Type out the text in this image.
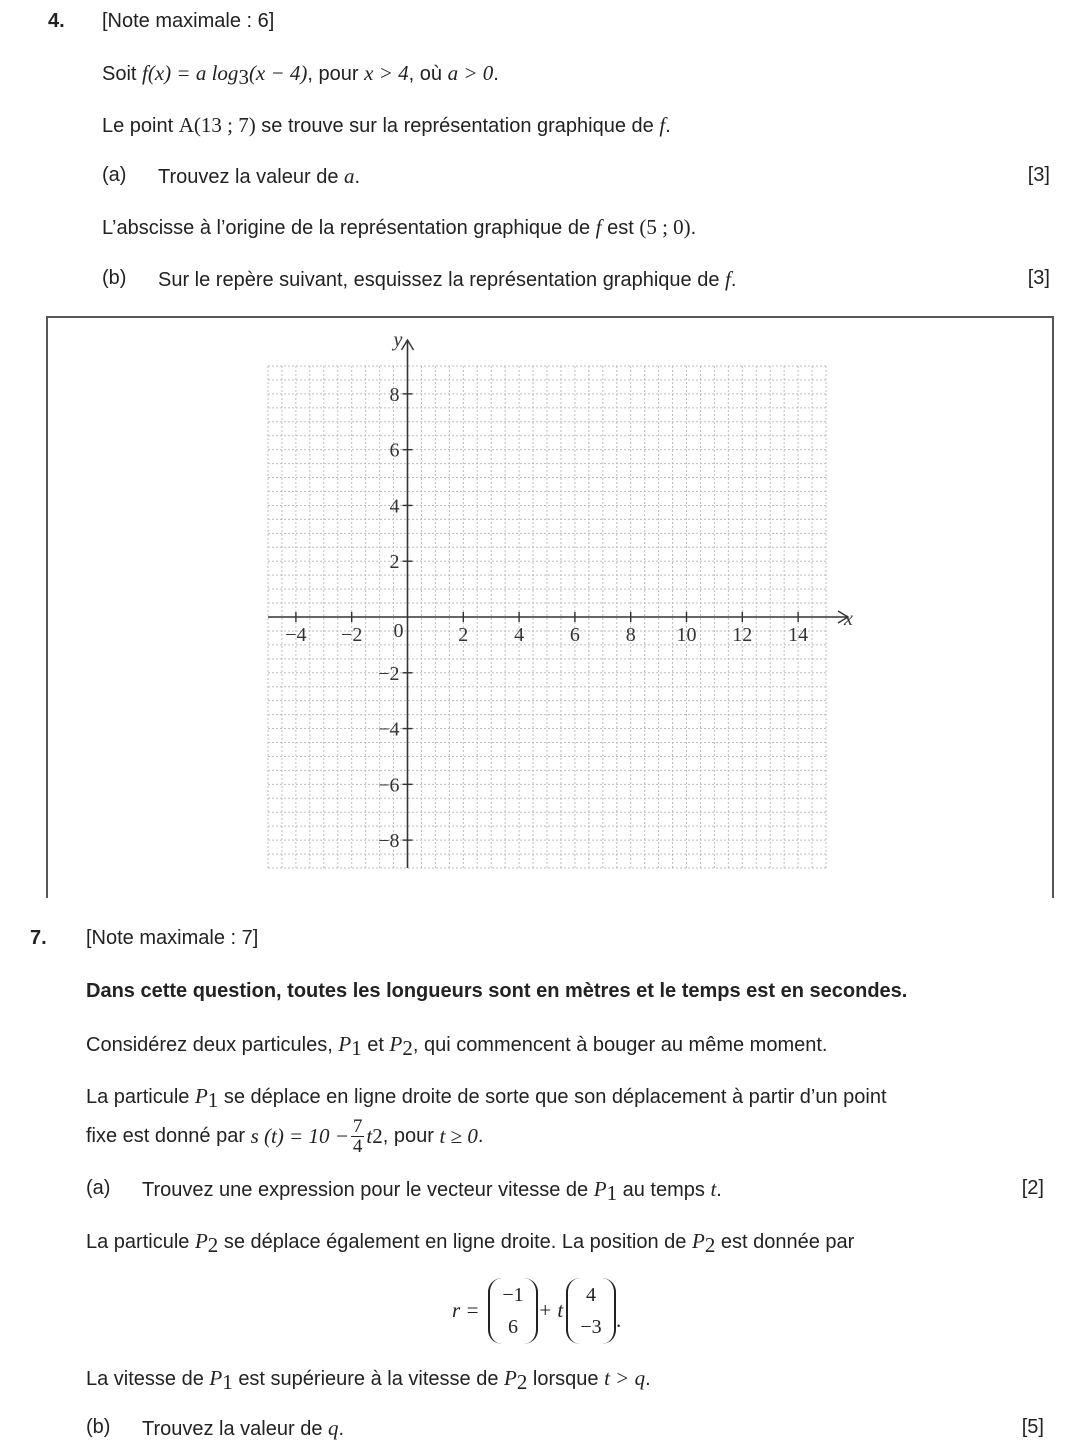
4. [Note maximale : 6]
Soit f(x) = a $\log_3(x - 4)$, pour x > 4, où a > 0.
Le point A(13 ; 7) se trouve sur la représentation graphique de f.
(a) Trouvez la valeur de a.	[3]
L’abscisse à l’origine de la représentation graphique de f est (5 ; 0).
(b) Sur le repère suivant, esquissez la représentation graphique de f.	[3]
x
y
−4 −2	2 4 6 8 10 12 14
−8
−6
−4
−2
2
4
6
8
0
7. [Note maximale : 7]
Dans cette question, toutes les longueurs sont en mètres et le temps est en secondes.
Considérez deux particules, $P_1$ et $P_2$, qui commencent à bouger au même moment.
La particule $P_1$ se déplace en ligne droite de sorte que son déplacement à partir d’un point
fixe est donné par
s $(t) = 10 - \frac{7}{4}$ t 2 , pour
t ≥ 0 .
(a) Trouvez une expression pour le vecteur vitesse de $P_1$ au temps t.	[2]
La particule $P_2$ se déplace également en ligne droite. La position de $P_2$ est donnée par
r =
−1
6
+ t
4
−3 .
La vitesse de $P_1$ est supérieure à la vitesse de $P_2$ lorsque t > q.
(b) Trouvez la valeur de q.	[5]
